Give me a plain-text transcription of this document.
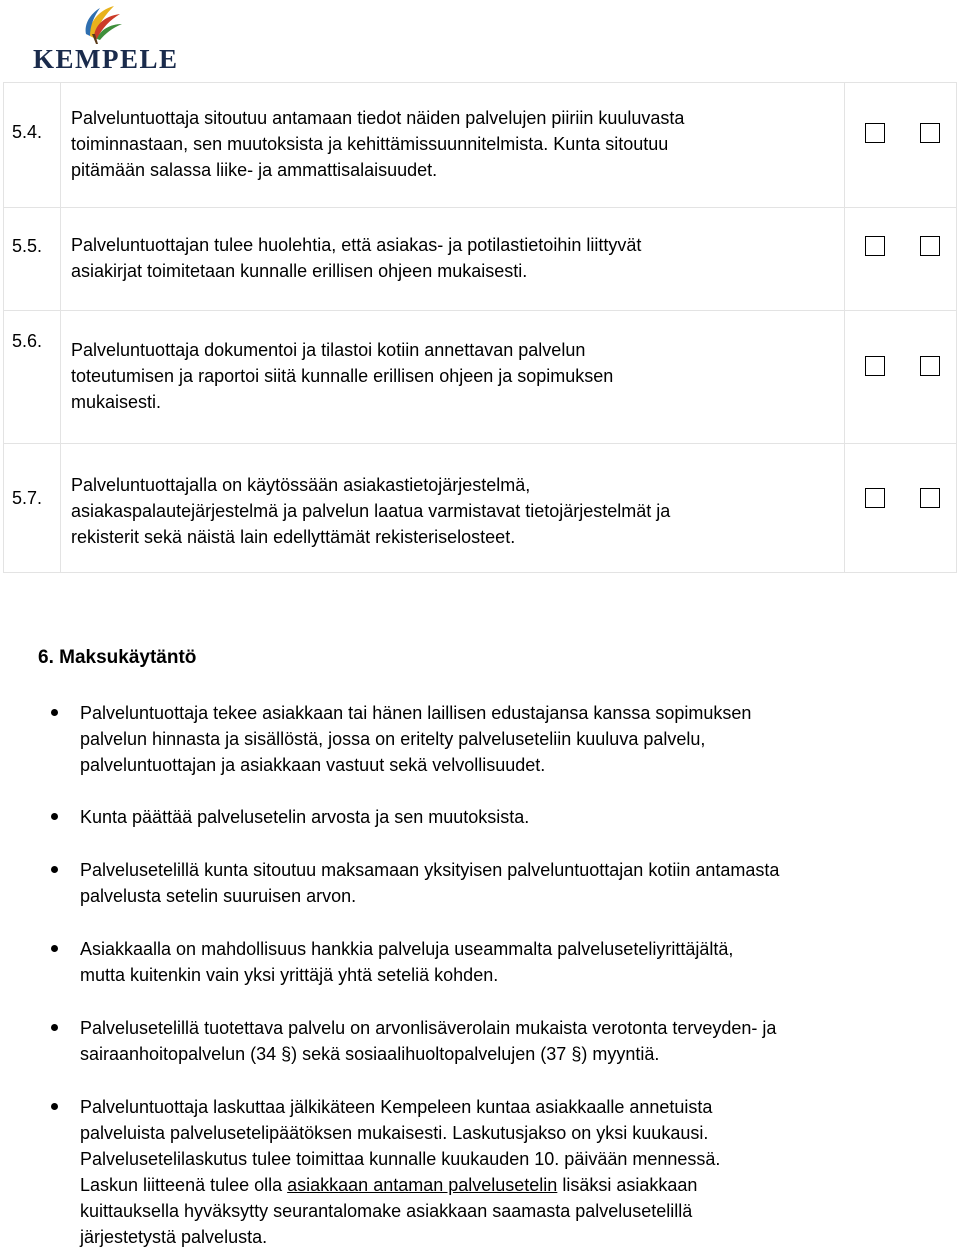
KEMPELE
5.4.	Palveluntuottaja sitoutuu antamaan tiedot näiden palvelujen piiriin kuuluvasta
toiminnastaan, sen muutoksista ja kehittämissuunnitelmista. Kunta sitoutuu
pitämään salassa liike- ja ammattisalaisuudet.	

5.5.	Palveluntuottajan tulee huolehtia, että asiakas- ja potilastietoihin liittyvät
asiakirjat toimitetaan kunnalle erillisen ohjeen mukaisesti.	

5.6.	Palveluntuottaja dokumentoi ja tilastoi kotiin annettavan palvelun
toteutumisen ja raportoi siitä kunnalle erillisen ohjeen ja sopimuksen
mukaisesti.	

5.7.	Palveluntuottajalla on käytössään asiakastietojärjestelmä,
asiakaspalautejärjestelmä ja palvelun laatua varmistavat tietojärjestelmät ja
rekisterit sekä näistä lain edellyttämät rekisteriselosteet.	

6. Maksukäytäntö
Palveluntuottaja tekee asiakkaan tai hänen laillisen edustajansa kanssa sopimuksen
palvelun hinnasta ja sisällöstä, jossa on eritelty palveluseteliin kuuluva palvelu,
palveluntuottajan ja asiakkaan vastuut sekä velvollisuudet.
Kunta päättää palvelusetelin arvosta ja sen muutoksista.
Palvelusetelillä kunta sitoutuu maksamaan yksityisen palveluntuottajan kotiin antamasta
palvelusta setelin suuruisen arvon.
Asiakkaalla on mahdollisuus hankkia palveluja useammalta palveluseteliyrittäjältä,
mutta kuitenkin vain yksi yrittäjä yhtä seteliä kohden.
Palvelusetelillä tuotettava palvelu on arvonlisäverolain mukaista verotonta terveyden- ja
sairaanhoitopalvelun (34 §) sekä sosiaalihuoltopalvelujen (37 §) myyntiä.
Palveluntuottaja laskuttaa jälkikäteen Kempeleen kuntaa asiakkaalle annetuista
palveluista palvelusetelipäätöksen mukaisesti. Laskutusjakso on yksi kuukausi.
Palvelusetelilaskutus tulee toimittaa kunnalle kuukauden 10. päivään mennessä.
Laskun liitteenä tulee olla asiakkaan antaman palvelusetelin lisäksi asiakkaan
kuittauksella hyväksytty seurantalomake asiakkaan saamasta palvelusetelillä
järjestetystä palvelusta.
